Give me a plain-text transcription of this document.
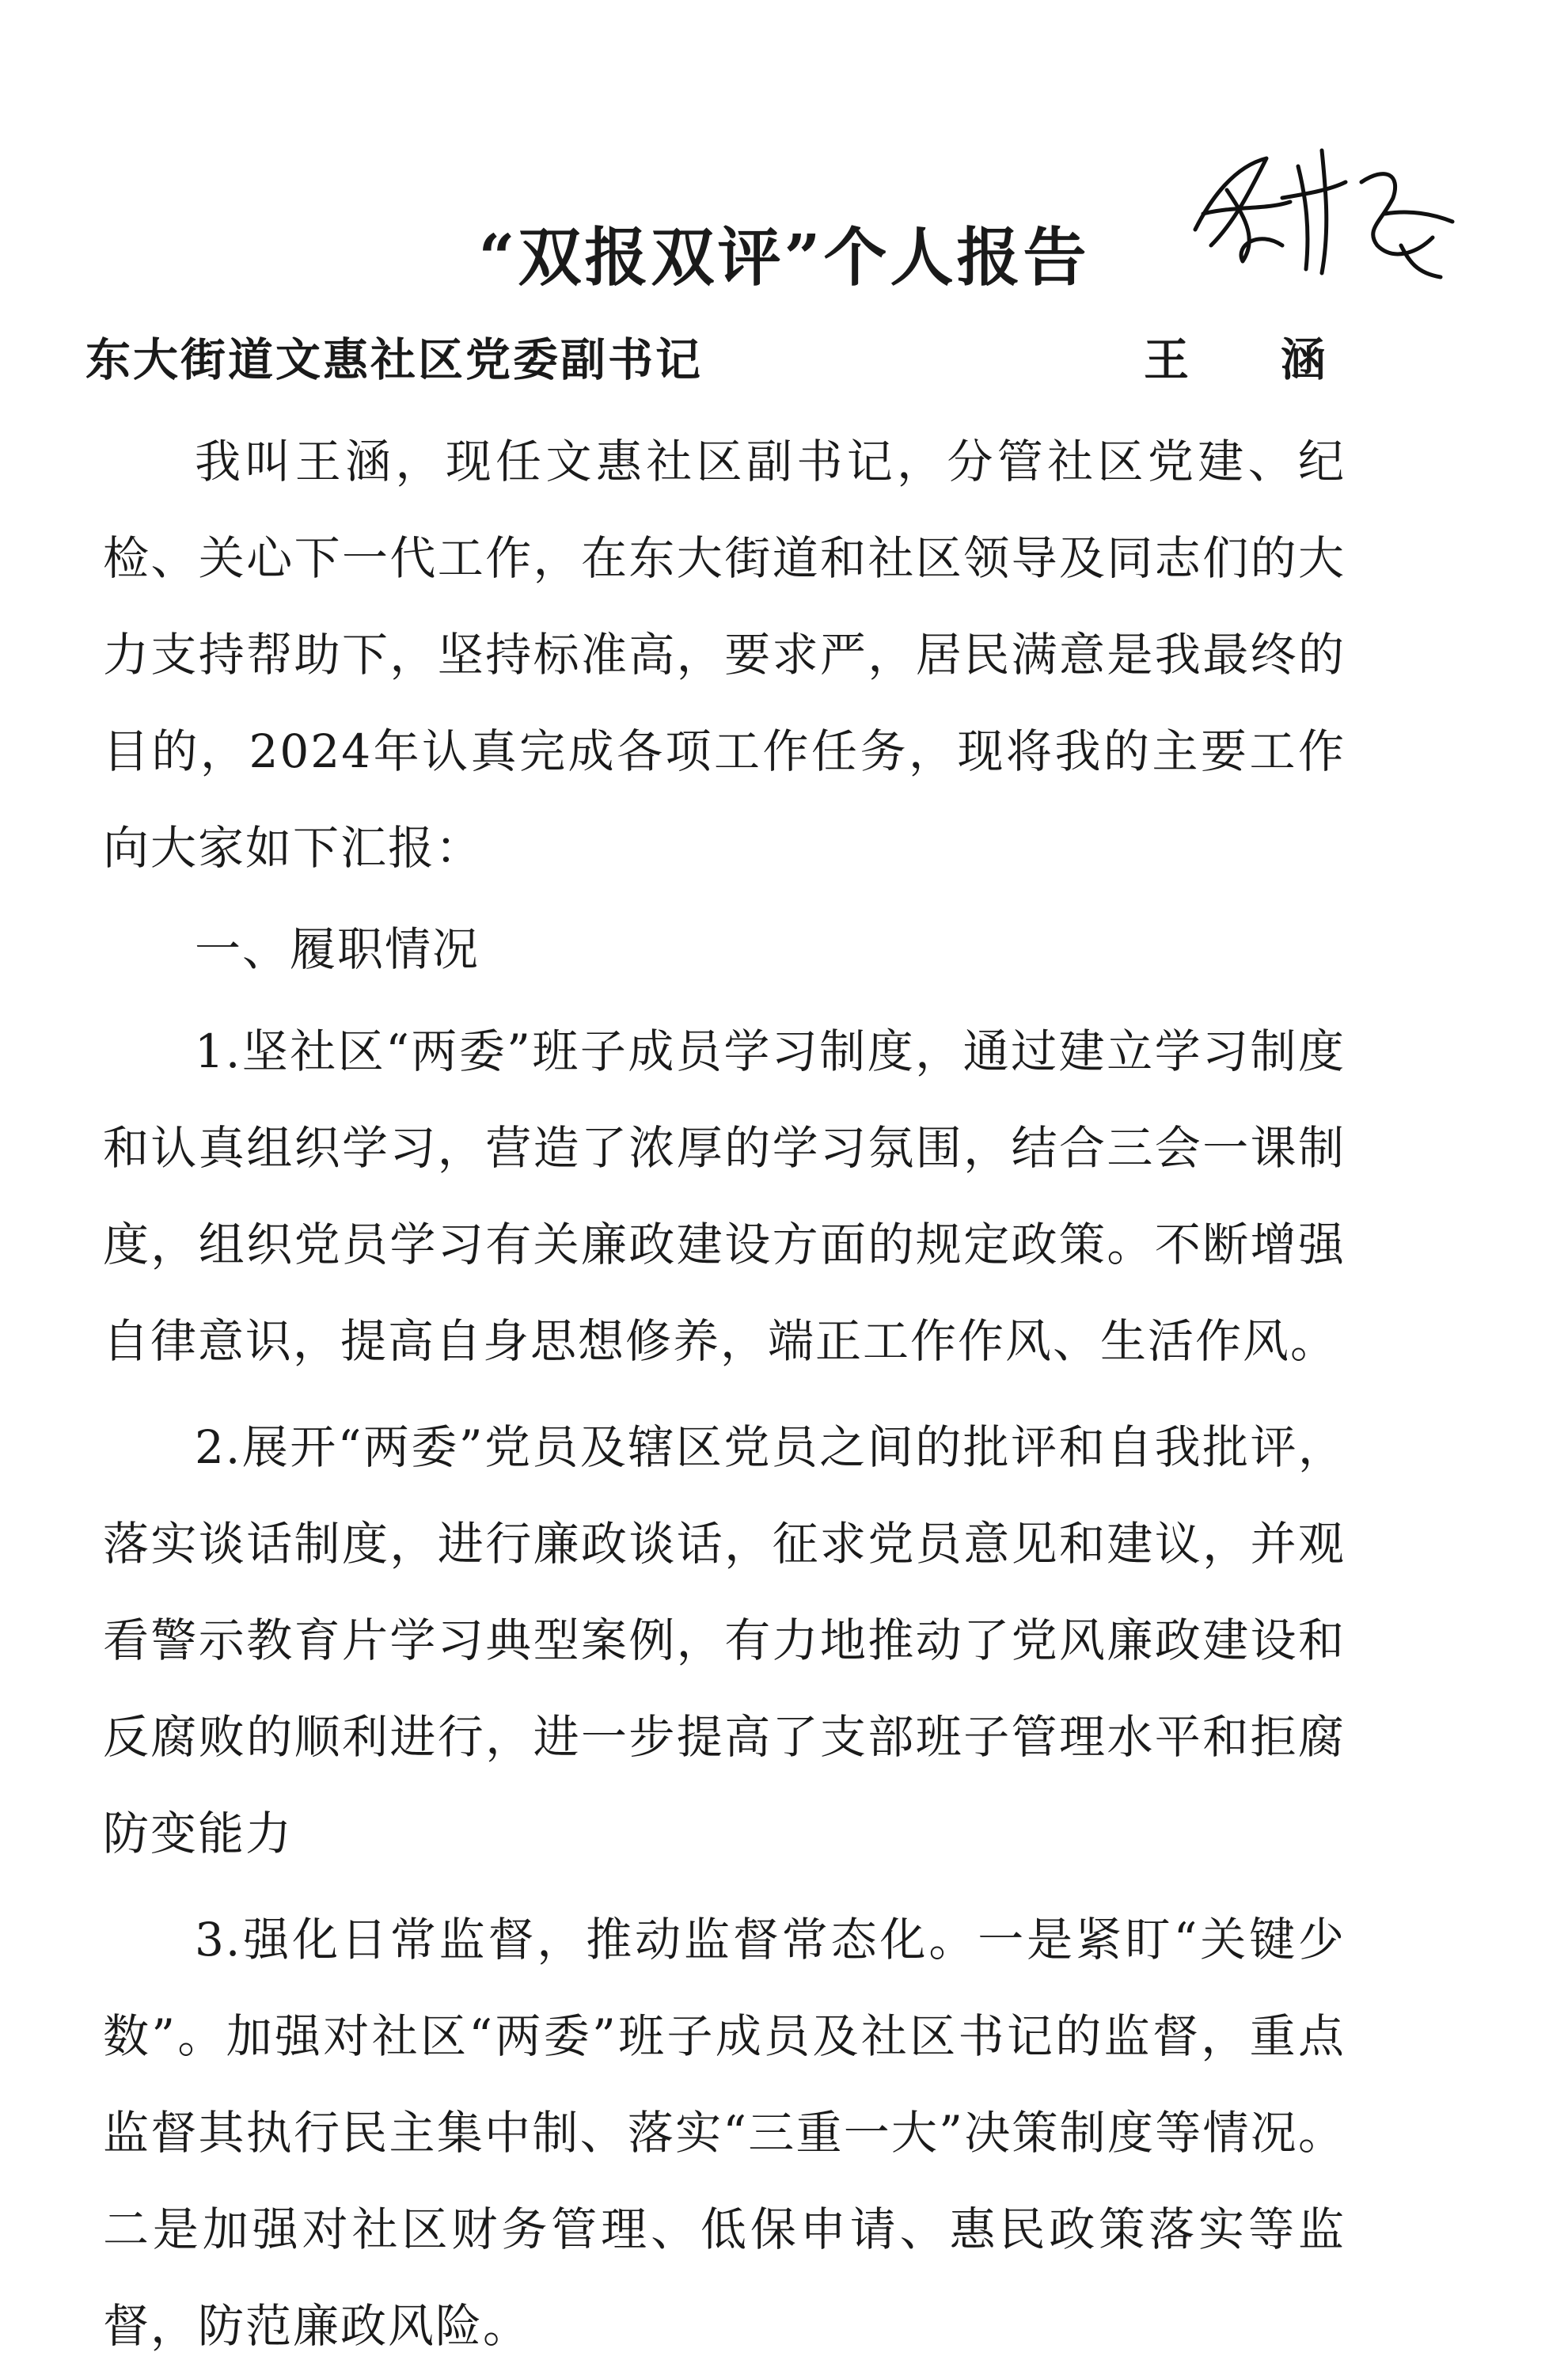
“双报双评”个人报告
东大街道文惠社区党委副书记	王 涵

我叫王涵，现任文惠社区副书记，分管社区党建、纪检、关心下一代工作，在东大街道和社区领导及同志们的大力支持帮助下，坚持标准高，要求严，居民满意是我最终的目的，2024年认真完成各项工作任务，现将我的主要工作向大家如下汇报：

一、履职情况

1.坚社区“两委”班子成员学习制度，通过建立学习制度和认真组织学习，营造了浓厚的学习氛围，结合三会一课制度，组织党员学习有关廉政建设方面的规定政策。不断增强自律意识，提高自身思想修养，端正工作作风、生活作风。

2.展开“两委”党员及辖区党员之间的批评和自我批评，落实谈话制度，进行廉政谈话，征求党员意见和建议，并观看警示教育片学习典型案例，有力地推动了党风廉政建设和反腐败的顺利进行，进一步提高了支部班子管理水平和拒腐防变能力

3.强化日常监督，推动监督常态化。一是紧盯“关键少数”。加强对社区“两委”班子成员及社区书记的监督，重点监督其执行民主集中制、落实“三重一大”决策制度等情况。二是加强对社区财务管理、低保申请、惠民政策落实等监督，防范廉政风险。
